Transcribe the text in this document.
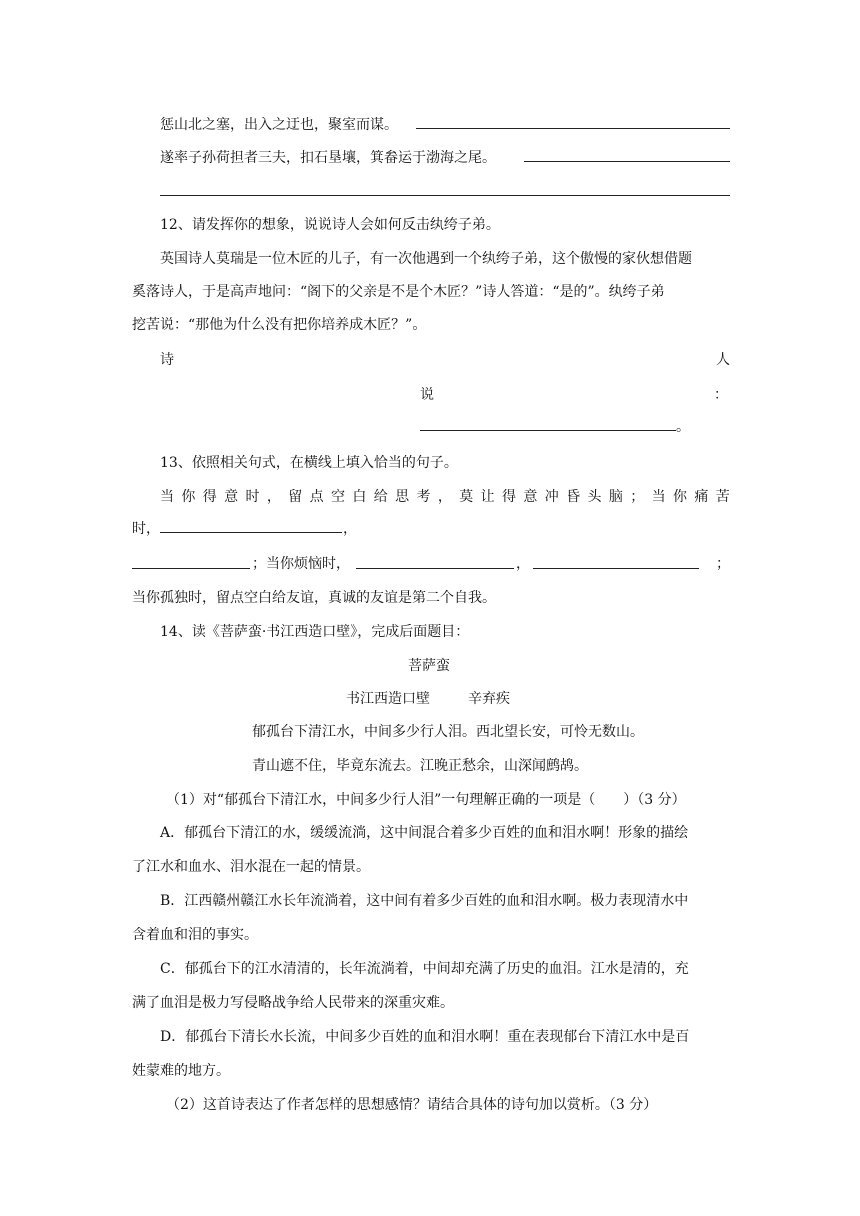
惩山北之塞，出入之迂也，聚室而谋。
遂率子孙荷担者三夫，扣石垦壤，箕畚运于渤海之尾。
12、请发挥你的想象，说说诗人会如何反击纨绔子弟。
英国诗人莫瑞是一位木匠的儿子，有一次他遇到一个纨绔子弟，这个傲慢的家伙想借题
奚落诗人，于是高声地问：“阁下的父亲是不是个木匠？”诗人答道：“是的”。纨绔子弟
挖苦说：“那他为什么没有把你培养成木匠？”。
诗	人
说	：
。
13、依照相关句式，在横线上填入恰当的句子。
当 你 得 意 时 ， 留 点 空 白 给 思 考 ， 莫 让 得 意 冲 昏 头 脑 ； 当 你 痛 苦
时，	，
；当你烦恼时，	，	；
当你孤独时，留点空白给友谊，真诚的友谊是第二个自我。
14、读《菩萨蛮·书江西造口壁》，完成后面题目：
菩萨蛮
书江西造口壁	辛弃疾
郁孤台下清江水，中间多少行人泪。西北望长安，可怜无数山。
青山遮不住，毕竟东流去。江晚正愁余，山深闻鹧鸪。
（1）对“郁孤台下清江水，中间多少行人泪”一句理解正确的一项是（　　）（3 分）
A．郁孤台下清江的水，缓缓流淌，这中间混合着多少百姓的血和泪水啊！形象的描绘
了江水和血水、泪水混在一起的情景。
B．江西赣州赣江水长年流淌着，这中间有着多少百姓的血和泪水啊。极力表现清水中
含着血和泪的事实。
C．郁孤台下的江水清清的，长年流淌着，中间却充满了历史的血泪。江水是清的，充
满了血泪是极力写侵略战争给人民带来的深重灾难。
D．郁孤台下清长水长流，中间多少百姓的血和泪水啊！重在表现郁台下清江水中是百
姓蒙难的地方。
（2）这首诗表达了作者怎样的思想感情？请结合具体的诗句加以赏析。（3 分）
